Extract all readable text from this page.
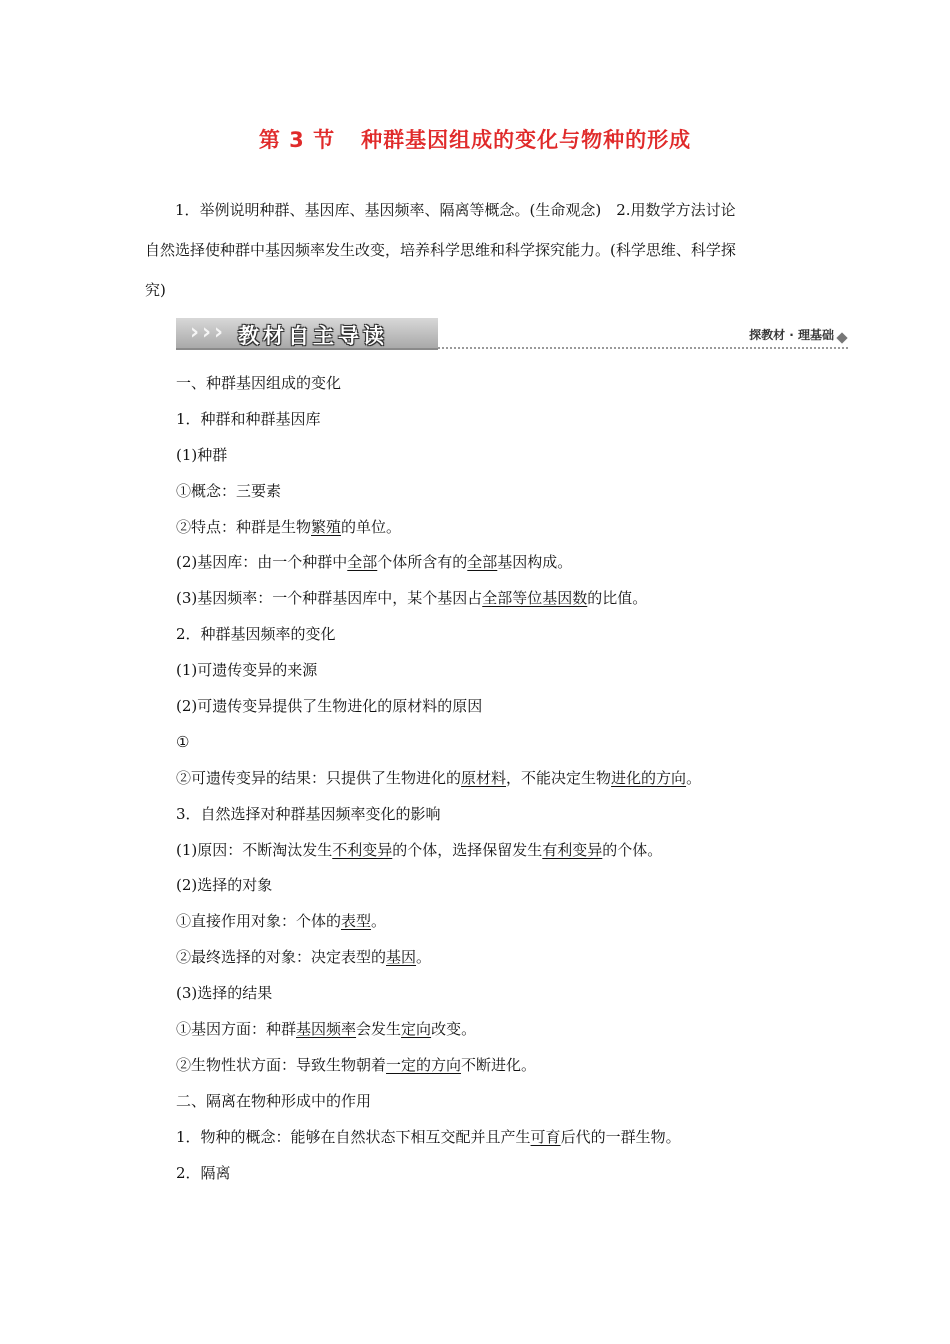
第 3 节 种群基因组成的变化与物种的形成

1．举例说明种群、基因库、基因频率、隔离等概念。(生命观念)　2.用数学方法讨论

自然选择使种群中基因频率发生改变，培养科学思维和科学探究能力。(科学思维、科学探

究)

› › › 教材自主导读	探教材 · 理基础
一、种群基因组成的变化
1．种群和种群基因库
(1)种群
①概念：三要素
②特点：种群是生物繁殖的单位。
(2)基因库：由一个种群中全部个体所含有的全部基因构成。
(3)基因频率：一个种群基因库中，某个基因占全部等位基因数的比值。
2．种群基因频率的变化
(1)可遗传变异的来源
(2)可遗传变异提供了生物进化的原材料的原因
①
②可遗传变异的结果：只提供了生物进化的原材料，不能决定生物进化的方向。
3．自然选择对种群基因频率变化的影响
(1)原因：不断淘汰发生不利变异的个体，选择保留发生有利变异的个体。
(2)选择的对象
①直接作用对象：个体的表型。
②最终选择的对象：决定表型的基因。
(3)选择的结果
①基因方面：种群基因频率会发生定向改变。
②生物性状方面：导致生物朝着一定的方向不断进化。
二、隔离在物种形成中的作用
1．物种的概念：能够在自然状态下相互交配并且产生可育后代的一群生物。
2．隔离
